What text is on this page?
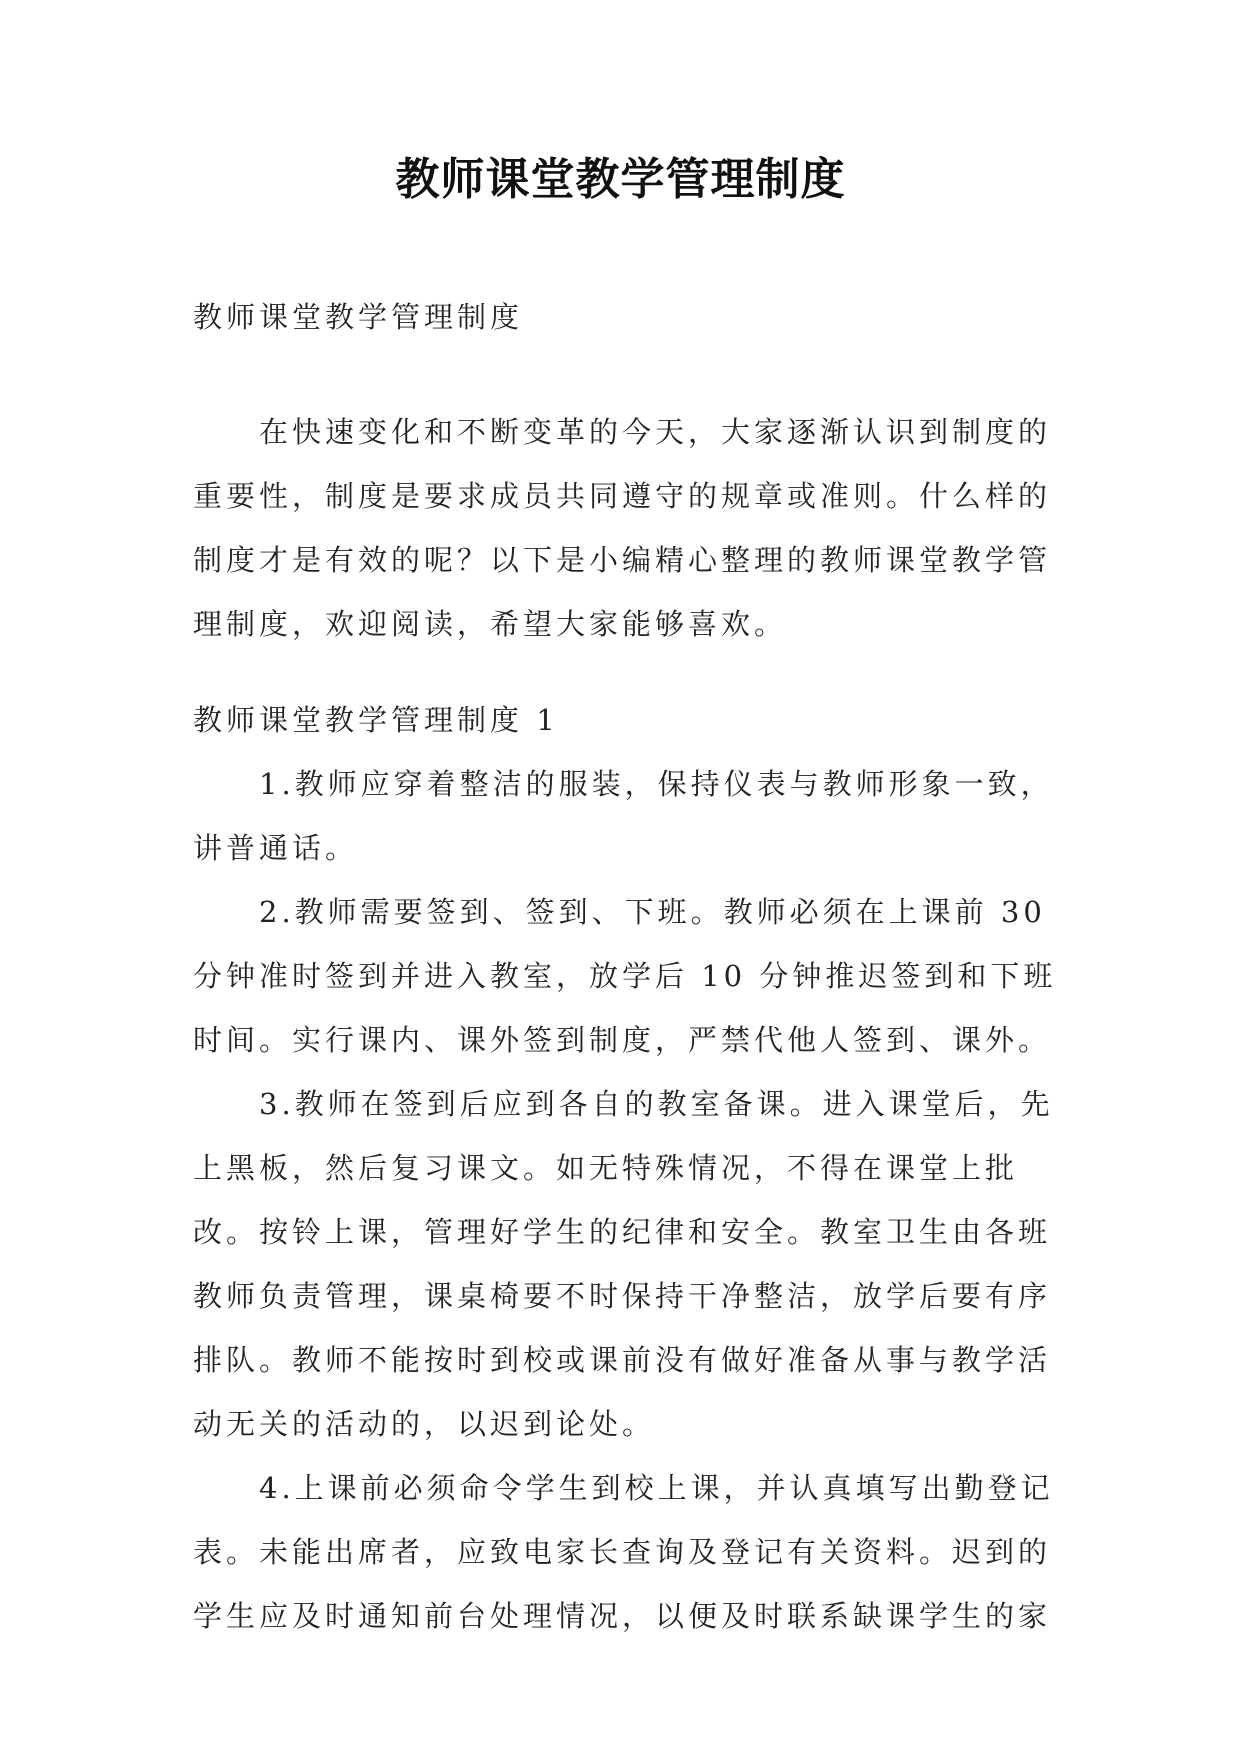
教师课堂教学管理制度

教师课堂教学管理制度

在快速变化和不断变革的今天，大家逐渐认识到制度的重要性，制度是要求成员共同遵守的规章或准则。什么样的制度才是有效的呢？以下是小编精心整理的教师课堂教学管理制度，欢迎阅读，希望大家能够喜欢。

教师课堂教学管理制度 1

1.教师应穿着整洁的服装，保持仪表与教师形象一致，讲普通话。

2.教师需要签到、签到、下班。教师必须在上课前 30 分钟准时签到并进入教室，放学后 10 分钟推迟签到和下班时间。实行课内、课外签到制度，严禁代他人签到、课外。

3.教师在签到后应到各自的教室备课。进入课堂后，先上黑板，然后复习课文。如无特殊情况，不得在课堂上批改。按铃上课，管理好学生的纪律和安全。教室卫生由各班教师负责管理，课桌椅要不时保持干净整洁，放学后要有序排队。教师不能按时到校或课前没有做好准备从事与教学活动无关的活动的，以迟到论处。

4.上课前必须命令学生到校上课，并认真填写出勤登记表。未能出席者，应致电家长查询及登记有关资料。迟到的学生应及时通知前台处理情况，以便及时联系缺课学生的家
